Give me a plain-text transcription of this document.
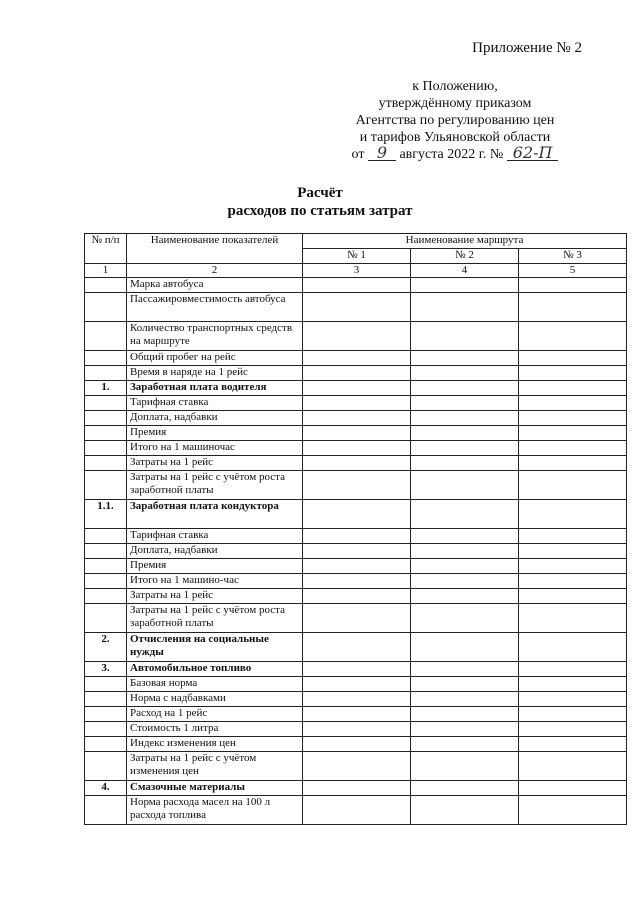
Приложение № 2
к Положению,
утверждённому приказом
Агентства по регулированию цен
и тарифов Ульяновской области
от 9 августа 2022 г. № 62-П
Расчёт
расходов по статьям затрат
№ п/п	Наименование показателей	Наименование маршрута		
		№ 1	№ 2	№ 3
1	2	3	4	5
	Марка автобуса			
	Пассажировместимость автобуса			
	Количество транспортных средств на маршруте			
	Общий пробег на рейс			
	Время в наряде на 1 рейс			
1.	Заработная плата водителя			
	Тарифная ставка			
	Доплата, надбавки			
	Премия			
	Итого на 1 машиночас			
	Затраты на 1 рейс			
	Затраты на 1 рейс с учётом роста заработной платы			
1.1.	Заработная плата кондуктора			
	Тарифная ставка			
	Доплата, надбавки			
	Премия			
	Итого на 1 машино-час			
	Затраты на 1 рейс			
	Затраты на 1 рейс с учётом роста заработной платы			
2.	Отчисления на социальные нужды			
3.	Автомобильное топливо			
	Базовая норма			
	Норма с надбавками			
	Расход на 1 рейс			
	Стоимость 1 литра			
	Индекс изменения цен			
	Затраты на 1 рейс с учётом изменения цен			
4.	Смазочные материалы			
	Норма расхода масел на 100 л расхода топлива			
